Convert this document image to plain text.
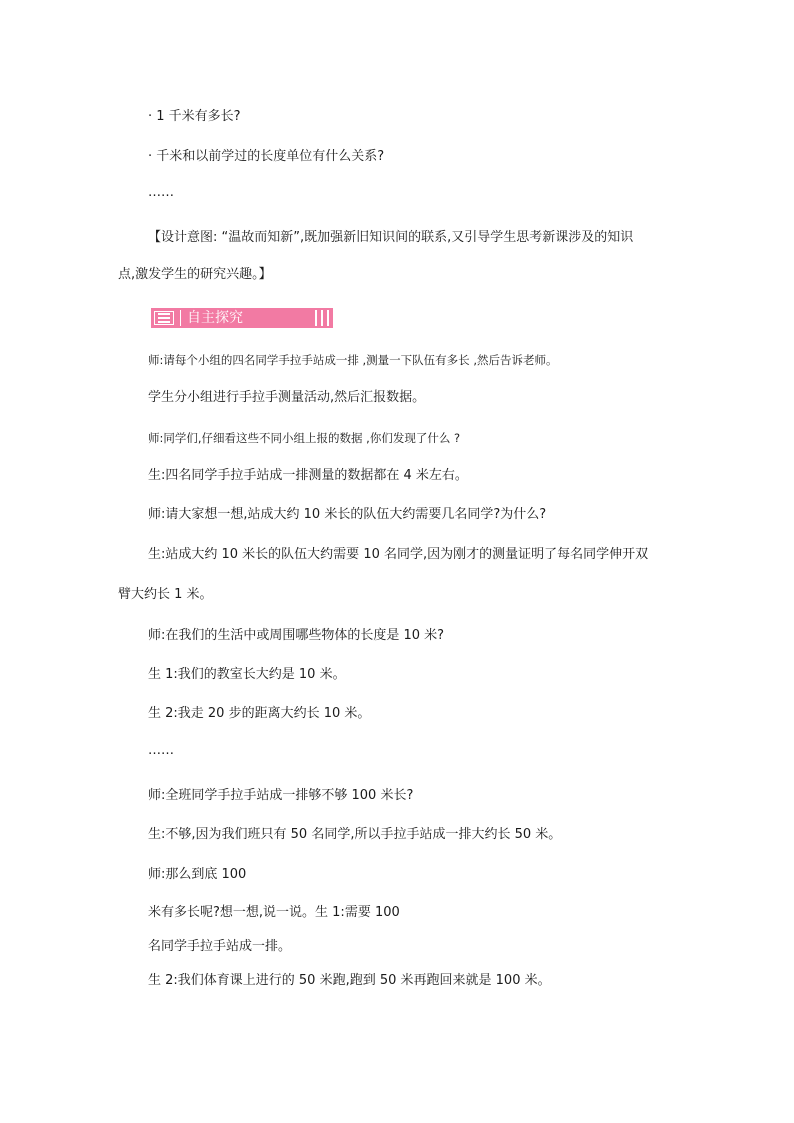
· 1 千米有多长?
· 千米和以前学过的长度单位有什么关系?
……
【设计意图: “温故而知新”,既加强新旧知识间的联系,又引导学生思考新课涉及的知识
点,激发学生的研究兴趣。】
自主探究
师:请每个小组的四名同学手拉手站成一排 ,测量一下队伍有多长 ,然后告诉老师。
学生分小组进行手拉手测量活动,然后汇报数据。
师:同学们,仔细看这些不同小组上报的数据 ,你们发现了什么 ?
生:四名同学手拉手站成一排测量的数据都在 4 米左右。
师:请大家想一想,站成大约 10 米长的队伍大约需要几名同学?为什么?
生:站成大约 10 米长的队伍大约需要 10 名同学,因为刚才的测量证明了每名同学伸开双
臂大约长 1 米。
师:在我们的生活中或周围哪些物体的长度是 10 米?
生 1:我们的教室长大约是 10 米。
生 2:我走 20 步的距离大约长 10 米。
……
师:全班同学手拉手站成一排够不够 100 米长?
生:不够,因为我们班只有 50 名同学,所以手拉手站成一排大约长 50 米。
师:那么到底 100
米有多长呢?想一想,说一说。生 1:需要 100
名同学手拉手站成一排。
生 2:我们体育课上进行的 50 米跑,跑到 50 米再跑回来就是 100 米。
